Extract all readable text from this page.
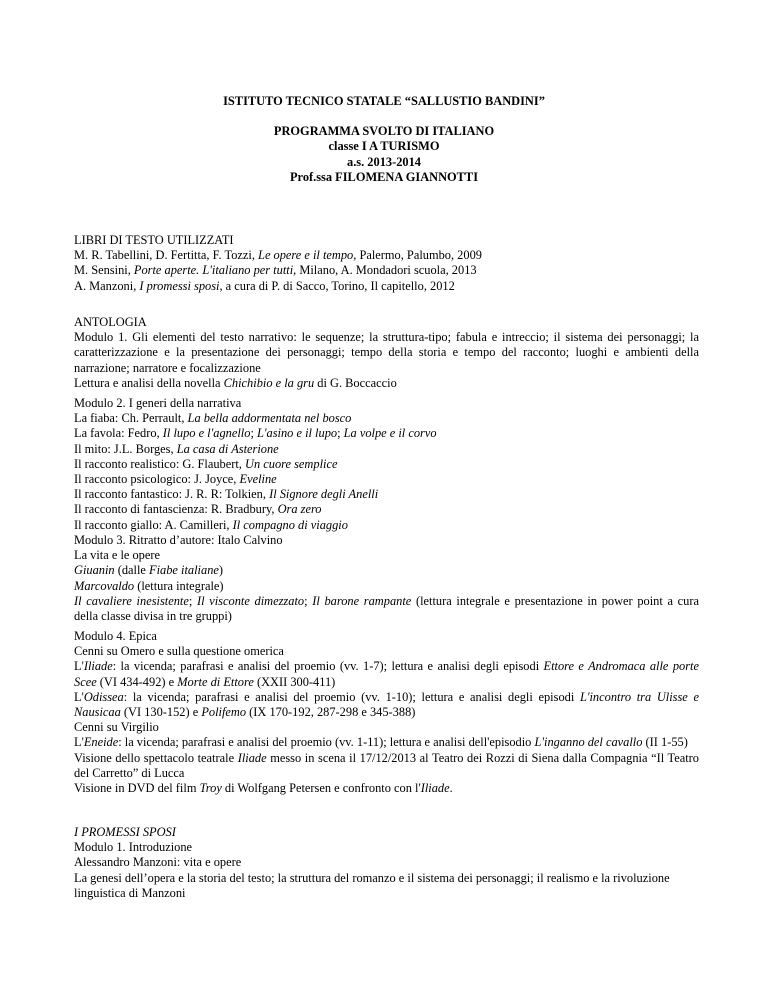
ISTITUTO TECNICO STATALE “SALLUSTIO BANDINI”
PROGRAMMA SVOLTO DI ITALIANO
classe I A TURISMO
a.s. 2013-2014
Prof.ssa FILOMENA GIANNOTTI
LIBRI DI TESTO UTILIZZATI
M. R. Tabellini, D. Fertitta, F. Tozzi, Le opere e il tempo, Palermo, Palumbo, 2009
M. Sensini, Porte aperte. L'italiano per tutti, Milano, A. Mondadori scuola, 2013
A. Manzoni, I promessi sposi, a cura di P. di Sacco, Torino, Il capitello, 2012
ANTOLOGIA
Modulo 1. Gli elementi del testo narrativo: le sequenze; la struttura-tipo; fabula e intreccio; il sistema dei personaggi; la caratterizzazione e la presentazione dei personaggi; tempo della storia e tempo del racconto; luoghi e ambienti della narrazione; narratore e focalizzazione
Lettura e analisi della novella Chichibio e la gru di G. Boccaccio
Modulo 2. I generi della narrativa
La fiaba: Ch. Perrault, La bella addormentata nel bosco
La favola: Fedro, Il lupo e l'agnello; L'asino e il lupo; La volpe e il corvo
Il mito: J.L. Borges, La casa di Asterione
Il racconto realistico: G. Flaubert, Un cuore semplice
Il racconto psicologico: J. Joyce, Eveline
Il racconto fantastico: J. R. R: Tolkien, Il Signore degli Anelli
Il racconto di fantascienza: R. Bradbury, Ora zero
Il racconto giallo: A. Camilleri, Il compagno di viaggio
Modulo 3. Ritratto d’autore: Italo Calvino
La vita e le opere
Giuanin (dalle Fiabe italiane)
Marcovaldo (lettura integrale)
Il cavaliere inesistente; Il visconte dimezzato; Il barone rampante (lettura integrale e presentazione in power point a cura della classe divisa in tre gruppi)
Modulo 4. Epica
Cenni su Omero e sulla questione omerica
L'Iliade: la vicenda; parafrasi e analisi del proemio (vv. 1-7); lettura e analisi degli episodi Ettore e Andromaca alle porte Scee (VI 434-492) e Morte di Ettore (XXII 300-411)
L'Odissea: la vicenda; parafrasi e analisi del proemio (vv. 1-10); lettura e analisi degli episodi L'incontro tra Ulisse e Nausicaa (VI 130-152) e Polifemo (IX 170-192, 287-298 e 345-388)
Cenni su Virgilio
L'Eneide: la vicenda; parafrasi e analisi del proemio (vv. 1-11); lettura e analisi dell'episodio L'inganno del cavallo (II 1-55)
Visione dello spettacolo teatrale Iliade messo in scena il 17/12/2013 al Teatro dei Rozzi di Siena dalla Compagnia “Il Teatro del Carretto” di Lucca
Visione in DVD del film Troy di Wolfgang Petersen e confronto con l'Iliade.
I PROMESSI SPOSI
Modulo 1. Introduzione
Alessandro Manzoni: vita e opere
La genesi dell’opera e la storia del testo; la struttura del romanzo e il sistema dei personaggi; il realismo e la rivoluzione linguistica di Manzoni
